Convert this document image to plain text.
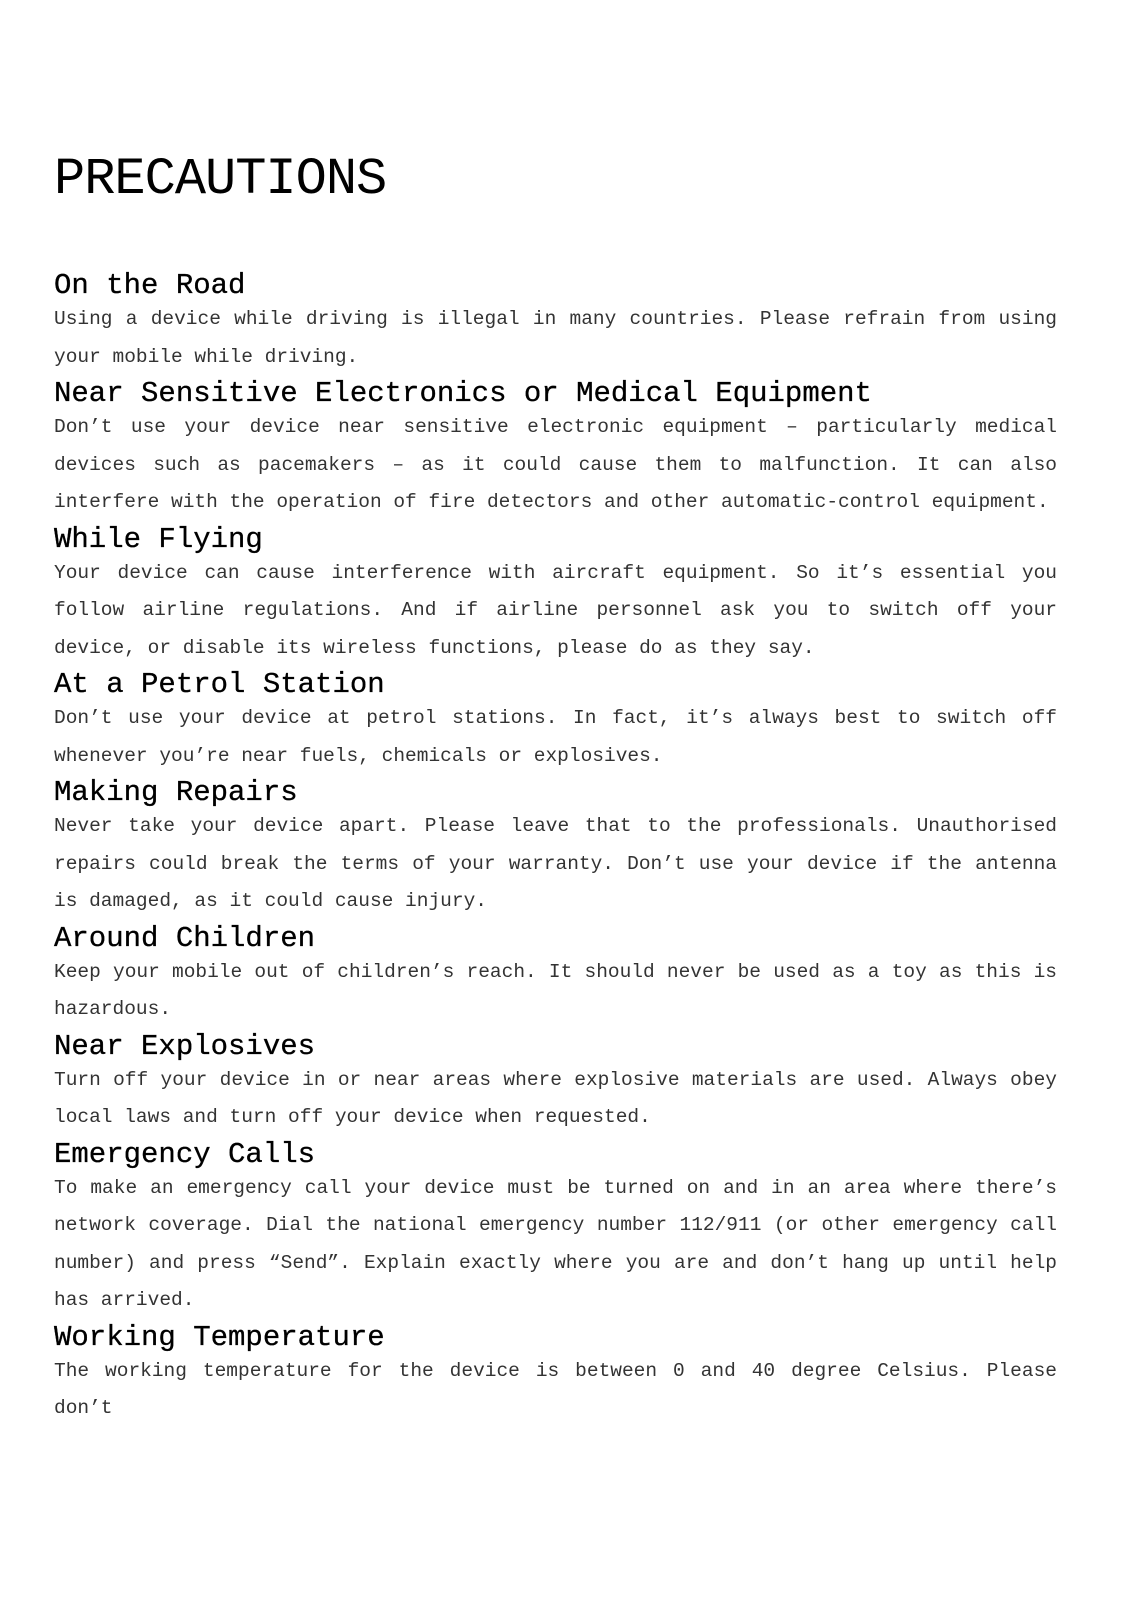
PRECAUTIONS
On the Road

Using a device while driving is illegal in many countries. Please refrain from using your mobile while driving.

Near Sensitive Electronics or Medical Equipment

Don’t use your device near sensitive electronic equipment – particularly medical devices such as pacemakers – as it could cause them to malfunction. It can also interfere with the operation of fire detectors and other automatic-control equipment.

While Flying

Your device can cause interference with aircraft equipment. So it’s essential you follow airline regulations. And if airline personnel ask you to switch off your device, or disable its wireless functions, please do as they say.

At a Petrol Station

Don’t use your device at petrol stations. In fact, it’s always best to switch off whenever you’re near fuels, chemicals or explosives.

Making Repairs

Never take your device apart. Please leave that to the professionals. Unauthorised repairs could break the terms of your warranty. Don’t use your device if the antenna is damaged, as it could cause injury.

Around Children

Keep your mobile out of children’s reach. It should never be used as a toy as this is hazardous.

Near Explosives

Turn off your device in or near areas where explosive materials are used. Always obey local laws and turn off your device when requested.

Emergency Calls

To make an emergency call your device must be turned on and in an area where there’s network coverage. Dial the national emergency number 112/911 (or other emergency call number) and press “Send”. Explain exactly where you are and don’t hang up until help has arrived.

Working Temperature

The working temperature for the device is between 0 and 40 degree Celsius. Please don’t
